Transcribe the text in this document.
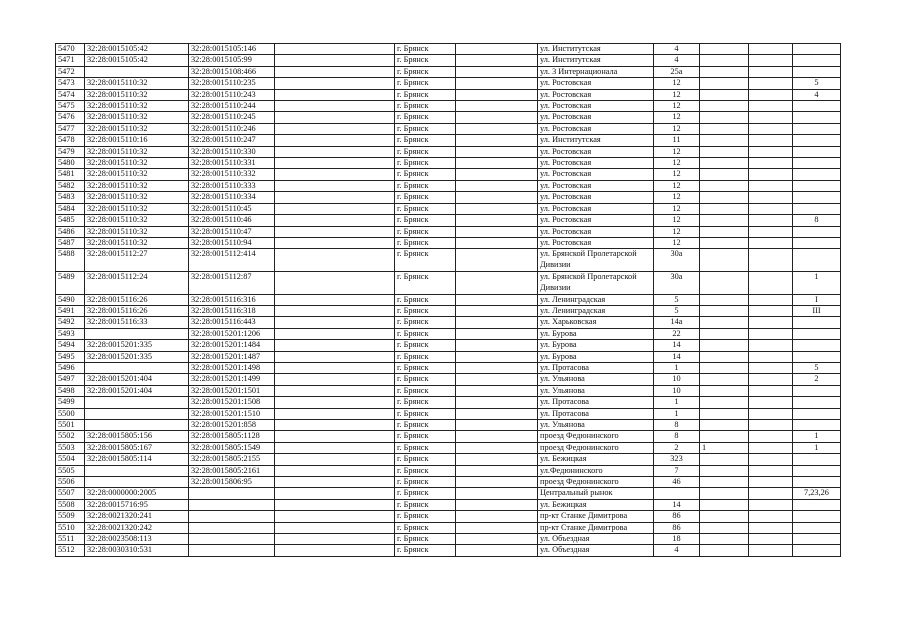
5470	32:28:0015105:42	32:28:0015105:146		г. Брянск		ул. Институтская	4			
5471	32:28:0015105:42	32:28:0015105:99		г. Брянск		ул. Институтская	4			
5472		32:28:0015108:466		г. Брянск		ул. 3 Интернационала	25а			
5473	32:28:0015110:32	32:28:0015110:235		г. Брянск		ул. Ростовская	12			5
5474	32:28:0015110:32	32:28:0015110:243		г. Брянск		ул. Ростовская	12			4
5475	32:28:0015110:32	32:28:0015110:244		г. Брянск		ул. Ростовская	12			
5476	32:28:0015110:32	32:28:0015110:245		г. Брянск		ул. Ростовская	12			
5477	32:28:0015110:32	32:28:0015110:246		г. Брянск		ул. Ростовская	12			
5478	32:28:0015110:16	32:28:0015110:247		г. Брянск		ул. Институтская	11			
5479	32:28:0015110:32	32:28:0015110:330		г. Брянск		ул. Ростовская	12			
5480	32:28:0015110:32	32:28:0015110:331		г. Брянск		ул. Ростовская	12			
5481	32:28:0015110:32	32:28:0015110:332		г. Брянск		ул. Ростовская	12			
5482	32:28:0015110:32	32:28:0015110:333		г. Брянск		ул. Ростовская	12			
5483	32:28:0015110:32	32:28:0015110:334		г. Брянск		ул. Ростовская	12			
5484	32:28:0015110:32	32:28:0015110:45		г. Брянск		ул. Ростовская	12			
5485	32:28:0015110:32	32:28:0015110:46		г. Брянск		ул. Ростовская	12			8
5486	32:28:0015110:32	32:28:0015110:47		г. Брянск		ул. Ростовская	12			
5487	32:28:0015110:32	32:28:0015110:94		г. Брянск		ул. Ростовская	12			
5488	32:28:0015112:27	32:28:0015112:414		г. Брянск		ул. Брянской Пролетарской Дивизии	30а			
5489	32:28:0015112:24	32:28:0015112:87		г. Брянск		ул. Брянской Пролетарской Дивизии	30а			1
5490	32:28:0015116:26	32:28:0015116:316		г. Брянск		ул. Ленинградская	5			I
5491	32:28:0015116:26	32:28:0015116:318		г. Брянск		ул. Ленинградская	5			III
5492	32:28:0015116:33	32:28:0015116:443		г. Брянск		ул. Харьковская	14а			
5493		32:28:0015201:1206		г. Брянск		ул. Бурова	22			
5494	32:28:0015201:335	32:28:0015201:1484		г. Брянск		ул. Бурова	14			
5495	32:28:0015201:335	32:28:0015201:1487		г. Брянск		ул. Бурова	14			
5496		32:28:0015201:1498		г. Брянск		ул. Протасова	1			5
5497	32:28:0015201:404	32:28:0015201:1499		г. Брянск		ул. Ульянова	10			2
5498	32:28:0015201:404	32:28:0015201:1501		г. Брянск		ул. Ульянова	10			
5499		32:28:0015201:1508		г. Брянск		ул. Протасова	1			
5500		32:28:0015201:1510		г. Брянск		ул. Протасова	1			
5501		32:28:0015201:858		г. Брянск		ул. Ульянова	8			
5502	32:28:0015805:156	32:28:0015805:1128		г. Брянск		проезд Федюнинского	8			1
5503	32:28:0015805:167	32:28:0015805:1549		г. Брянск		проезд Федюнинского	2	1		1
5504	32:28:0015805:114	32:28:0015805:2155		г. Брянск		ул. Бежицкая	323			
5505		32:28:0015805:2161		г. Брянск		ул.Федюнинского	7			
5506		32:28:0015806:95		г. Брянск		проезд Федюнинского	46			
5507	32:28:0000000:2005			г. Брянск		Центральный рынок				7,23,26
5508	32:28:0015716:95			г. Брянск		ул. Бежицкая	14			
5509	32:28:0021320:241			г. Брянск		пр-кт Станке Димитрова	86			
5510	32:28:0021320:242			г. Брянск		пр-кт Станке Димитрова	86			
5511	32:28:0023508:113			г. Брянск		ул. Объездная	18			
5512	32:28:0030310:531			г. Брянск		ул. Объездная	4			
